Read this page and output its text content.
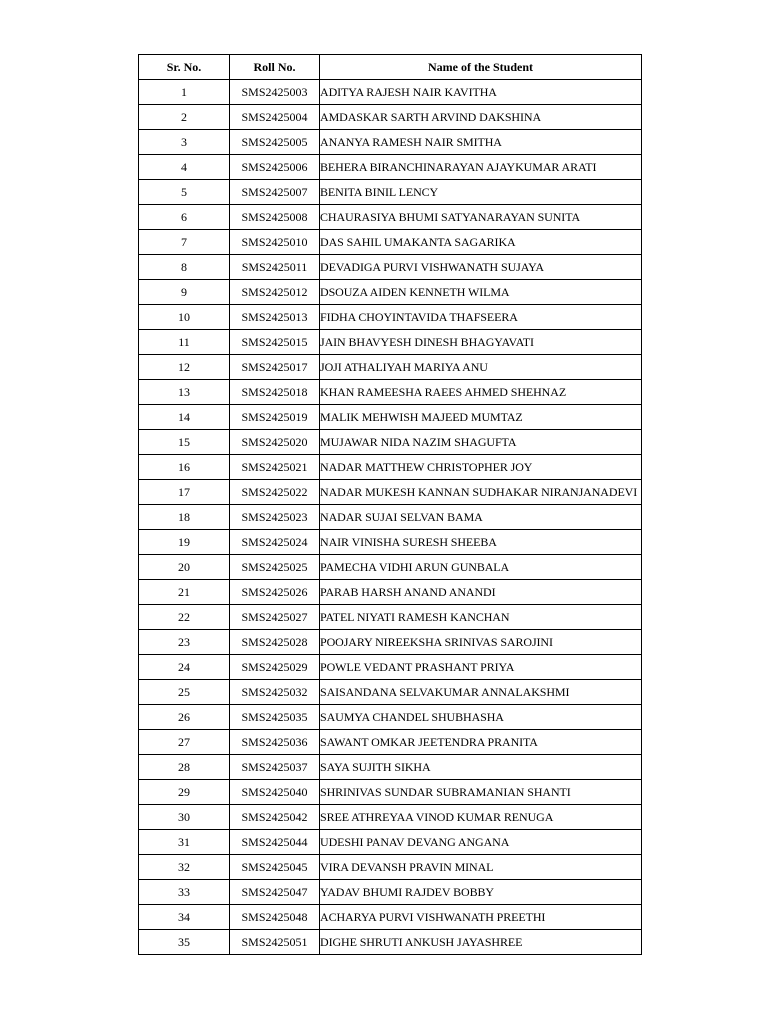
Sr. No.	Roll No.	Name of the Student
1	SMS2425003	ADITYA RAJESH NAIR KAVITHA
2	SMS2425004	AMDASKAR SARTH ARVIND DAKSHINA
3	SMS2425005	ANANYA RAMESH NAIR SMITHA
4	SMS2425006	BEHERA BIRANCHINARAYAN AJAYKUMAR ARATI
5	SMS2425007	BENITA BINIL LENCY
6	SMS2425008	CHAURASIYA BHUMI SATYANARAYAN SUNITA
7	SMS2425010	DAS SAHIL UMAKANTA SAGARIKA
8	SMS2425011	DEVADIGA PURVI VISHWANATH SUJAYA
9	SMS2425012	DSOUZA AIDEN KENNETH WILMA
10	SMS2425013	FIDHA CHOYINTAVIDA THAFSEERA
11	SMS2425015	JAIN BHAVYESH DINESH BHAGYAVATI
12	SMS2425017	JOJI ATHALIYAH MARIYA ANU
13	SMS2425018	KHAN RAMEESHA RAEES AHMED SHEHNAZ
14	SMS2425019	MALIK MEHWISH MAJEED MUMTAZ
15	SMS2425020	MUJAWAR NIDA NAZIM SHAGUFTA
16	SMS2425021	NADAR MATTHEW CHRISTOPHER JOY
17	SMS2425022	NADAR MUKESH KANNAN SUDHAKAR NIRANJANADEVI
18	SMS2425023	NADAR SUJAI SELVAN BAMA
19	SMS2425024	NAIR VINISHA SURESH SHEEBA
20	SMS2425025	PAMECHA VIDHI ARUN GUNBALA
21	SMS2425026	PARAB HARSH ANAND ANANDI
22	SMS2425027	PATEL NIYATI RAMESH KANCHAN
23	SMS2425028	POOJARY NIREEKSHA SRINIVAS SAROJINI
24	SMS2425029	POWLE VEDANT PRASHANT PRIYA
25	SMS2425032	SAISANDANA SELVAKUMAR ANNALAKSHMI
26	SMS2425035	SAUMYA CHANDEL SHUBHASHA
27	SMS2425036	SAWANT OMKAR JEETENDRA PRANITA
28	SMS2425037	SAYA SUJITH SIKHA
29	SMS2425040	SHRINIVAS SUNDAR SUBRAMANIAN SHANTI
30	SMS2425042	SREE ATHREYAA VINOD KUMAR RENUGA
31	SMS2425044	UDESHI PANAV DEVANG ANGANA
32	SMS2425045	VIRA DEVANSH PRAVIN MINAL
33	SMS2425047	YADAV BHUMI RAJDEV BOBBY
34	SMS2425048	ACHARYA PURVI VISHWANATH PREETHI
35	SMS2425051	DIGHE SHRUTI ANKUSH JAYASHREE
